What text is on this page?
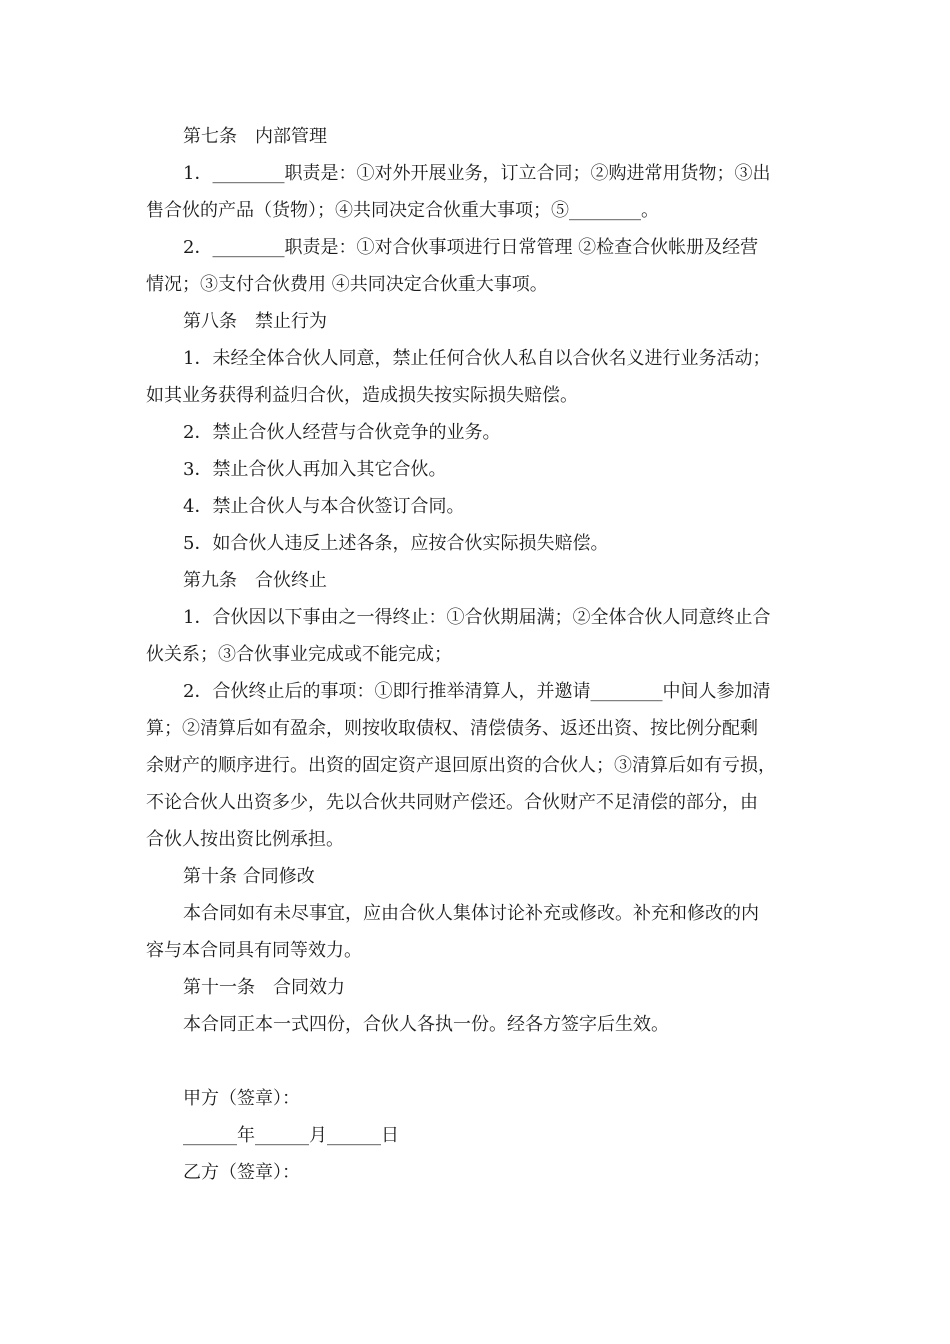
第七条　内部管理

1．________职责是：①对外开展业务，订立合同；②购进常用货物；③出

售合伙的产品（货物）；④共同决定合伙重大事项；⑤________。

2．________职责是：①对合伙事项进行日常管理 ②检查合伙帐册及经营

情况；③支付合伙费用 ④共同决定合伙重大事项。

第八条　禁止行为

1．未经全体合伙人同意，禁止任何合伙人私自以合伙名义进行业务活动；

如其业务获得利益归合伙，造成损失按实际损失赔偿。

2．禁止合伙人经营与合伙竞争的业务。

3．禁止合伙人再加入其它合伙。

4．禁止合伙人与本合伙签订合同。

5．如合伙人违反上述各条，应按合伙实际损失赔偿。

第九条　合伙终止

1．合伙因以下事由之一得终止：①合伙期届满；②全体合伙人同意终止合

伙关系；③合伙事业完成或不能完成；

2．合伙终止后的事项：①即行推举清算人，并邀请________中间人参加清

算；②清算后如有盈余，则按收取债权、清偿债务、返还出资、按比例分配剩

余财产的顺序进行。出资的固定资产退回原出资的合伙人；③清算后如有亏损，

不论合伙人出资多少，先以合伙共同财产偿还。合伙财产不足清偿的部分，由

合伙人按出资比例承担。

第十条 合同修改

本合同如有未尽事宜，应由合伙人集体讨论补充或修改。补充和修改的内

容与本合同具有同等效力。

第十一条　合同效力

本合同正本一式四份，合伙人各执一份。经各方签字后生效。

甲方（签章）：

______年______月______日

乙方（签章）：
